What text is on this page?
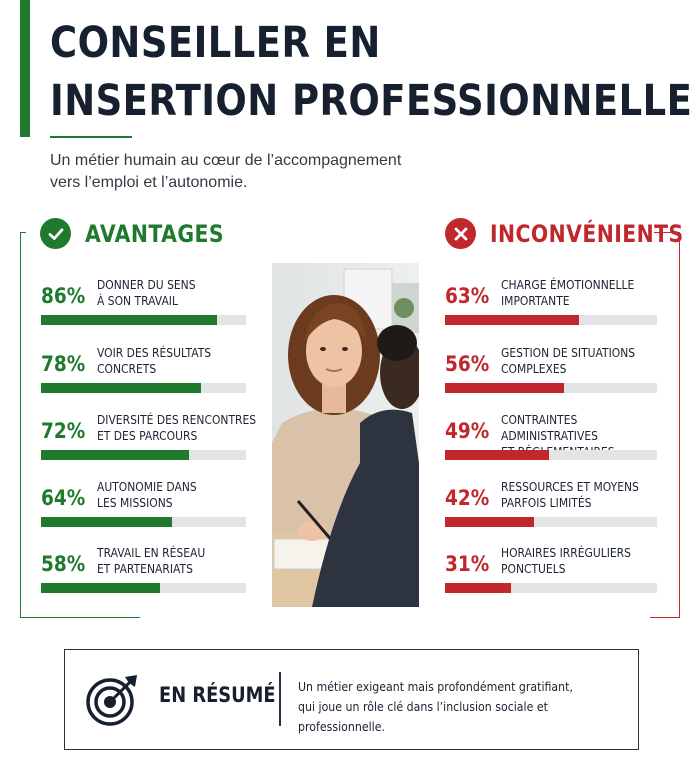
CONSEILLER EN
INSERTION PROFESSIONNELLE
Un métier humain au cœur de l’accompagnement
vers l’emploi et l’autonomie.
AVANTAGES	INCONVÉNIENTS
86% DONNER DU SENS
À SON TRAVAIL
78% VOIR DES RÉSULTATS
CONCRETS
72% DIVERSITÉ DES RENCONTRES
ET DES PARCOURS
64% AUTONOMIE DANS
LES MISSIONS
58% TRAVAIL EN RÉSEAU
ET PARTENARIATS
63% CHARGE ÉMOTIONNELLE
IMPORTANTE
56% GESTION DE SITUATIONS
COMPLEXES
49% CONTRAINTES ADMINISTRATIVES

42% RESSOURCES ET MOYENS
PARFOIS LIMITÉS
31% HORAIRES IRRÉGULIERS
PONCTUELS
EN RÉSUMÉ Un métier exigeant mais profondément gratifiant,
qui joue un rôle clé dans l’inclusion sociale et professionnelle.
